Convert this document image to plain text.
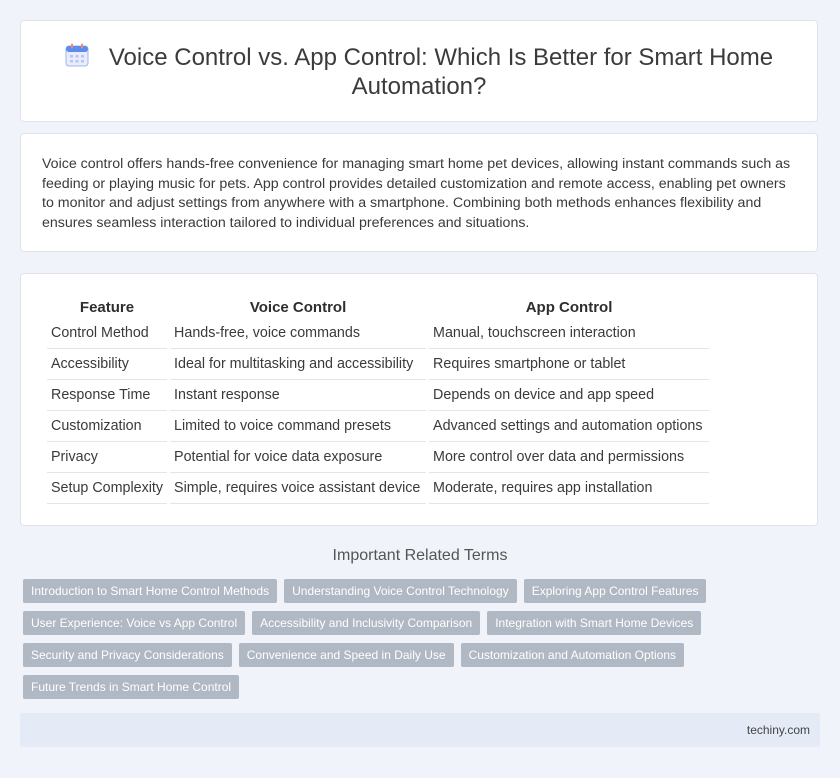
Voice Control vs. App Control: Which Is Better for Smart Home Automation?
Voice control offers hands-free convenience for managing smart home pet devices, allowing instant commands such as feeding or playing music for pets. App control provides detailed customization and remote access, enabling pet owners to monitor and adjust settings from anywhere with a smartphone. Combining both methods enhances flexibility and ensures seamless interaction tailored to individual preferences and situations.
Feature	Voice Control	App Control
Control Method	Hands-free, voice commands	Manual, touchscreen interaction
Accessibility	Ideal for multitasking and accessibility	Requires smartphone or tablet
Response Time	Instant response	Depends on device and app speed
Customization	Limited to voice command presets	Advanced settings and automation options
Privacy	Potential for voice data exposure	More control over data and permissions
Setup Complexity	Simple, requires voice assistant device	Moderate, requires app installation
Important Related Terms
Introduction to Smart Home Control Methods Understanding Voice Control Technology Exploring App Control Features
User Experience: Voice vs App Control Accessibility and Inclusivity Comparison Integration with Smart Home Devices
Security and Privacy Considerations Convenience and Speed in Daily Use Customization and Automation Options
Future Trends in Smart Home Control
techiny.com
